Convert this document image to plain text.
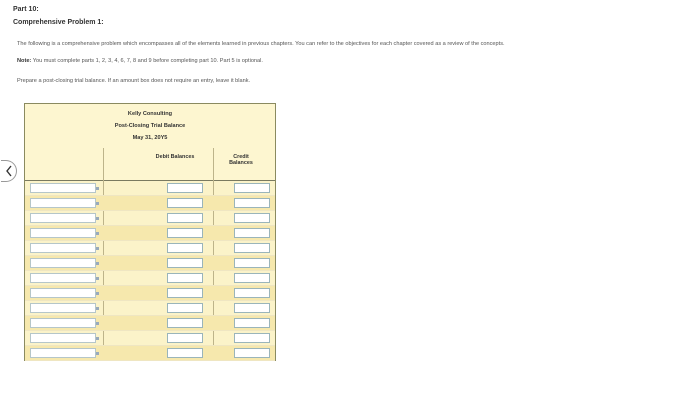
Part 10:
Comprehensive Problem 1:
The following is a comprehensive problem which encompasses all of the elements learned in previous chapters. You can refer to the objectives for each chapter covered as a review of the concepts.
Note: You must complete parts 1, 2, 3, 4, 6, 7, 8 and 9 before completing part 10. Part 5 is optional.
Prepare a post-closing trial balance. If an amount box does not require an entry, leave it blank.
Kelly Consulting
Post-Closing Trial Balance
May 31, 20Y5
Debit Balances	Credit Balances
